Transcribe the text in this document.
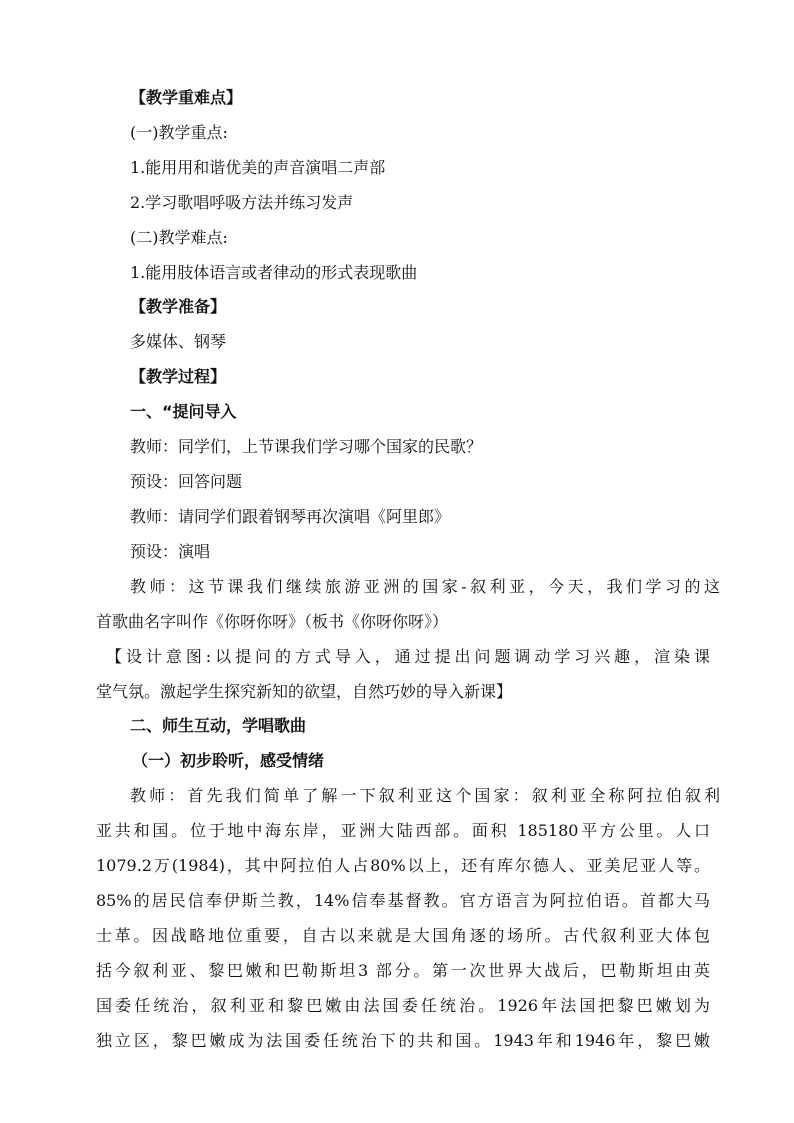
【教学重难点】
(一)教学重点:
1.能用用和谐优美的声音演唱二声部
2.学习歌唱呼吸方法并练习发声
(二)教学难点:
1.能用肢体语言或者律动的形式表现歌曲
【教学准备】
多媒体、钢琴
【教学过程】
一、“提问导入
教师：同学们，上节课我们学习哪个国家的民歌？
预设：回答问题
教师：请同学们跟着钢琴再次演唱《阿里郎》
预设：演唱
教师：这节课我们继续旅游亚洲的国家-叙利亚，今天，我们学习的这
首歌曲名字叫作《你呀你呀》（板书《你呀你呀》）
【设计意图:以提问的方式导入，通过提出问题调动学习兴趣，渲染课
堂气氛。激起学生探究新知的欲望，自然巧妙的导入新课】
二、师生互动，学唱歌曲
（一）初步聆听，感受情绪
教师：首先我们简单了解一下叙利亚这个国家：叙利亚全称阿拉伯叙利
亚共和国。位于地中海东岸，亚洲大陆西部。面积 185180平方公里。人口
1079.2万(1984)，其中阿拉伯人占80%以上，还有库尔德人、亚美尼亚人等。
85%的居民信奉伊斯兰教，14%信奉基督教。官方语言为阿拉伯语。首都大马
士革。因战略地位重要，自古以来就是大国角逐的场所。古代叙利亚大体包
括今叙利亚、黎巴嫩和巴勒斯坦3 部分。第一次世界大战后，巴勒斯坦由英
国委任统治，叙利亚和黎巴嫩由法国委任统治。1926年法国把黎巴嫩划为
独立区，黎巴嫩成为法国委任统治下的共和国。1943年和1946年，黎巴嫩
